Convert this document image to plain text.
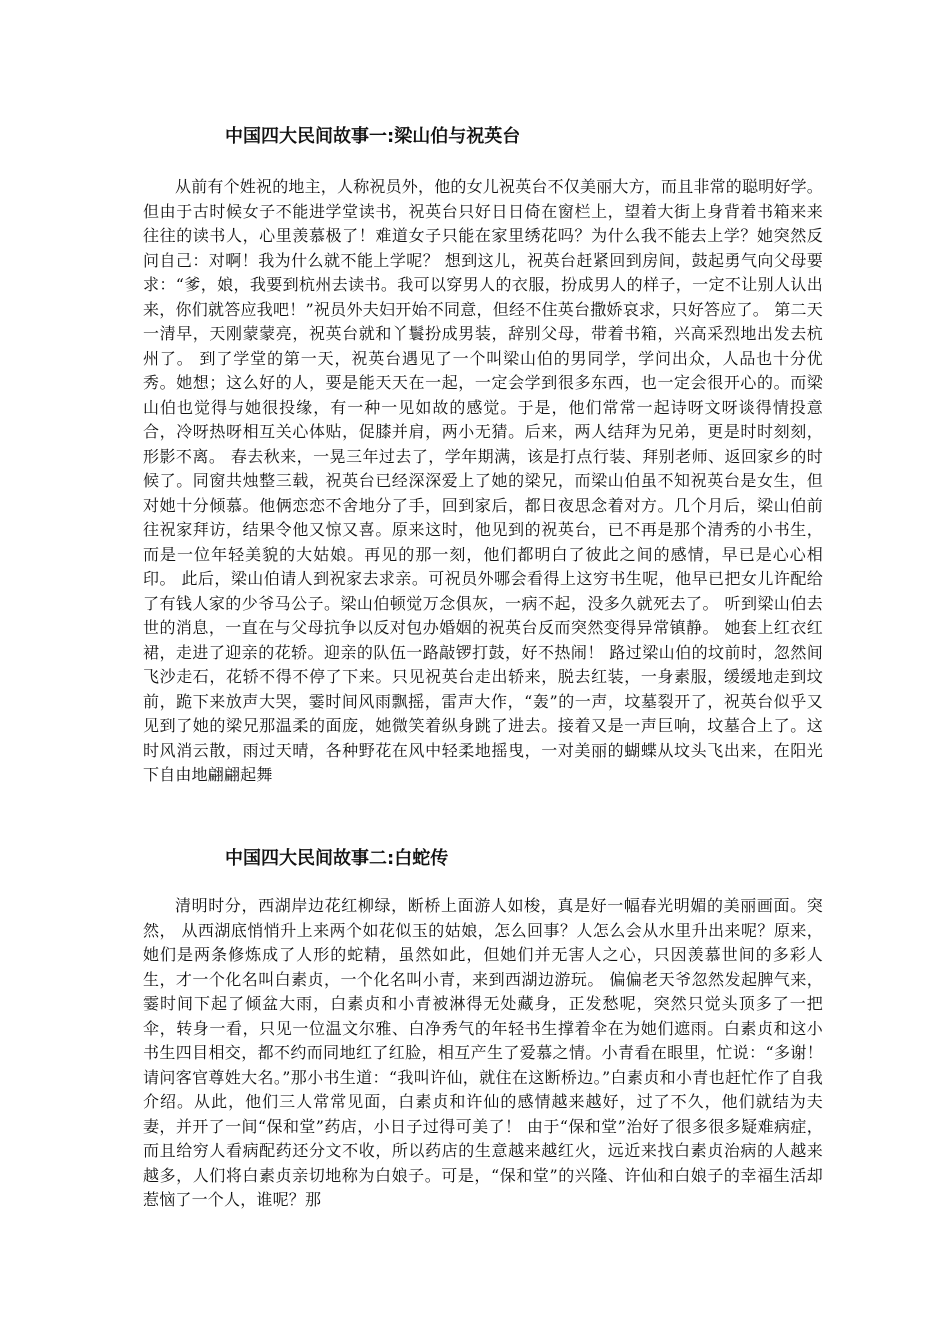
中国四大民间故事一:梁山伯与祝英台

从前有个姓祝的地主，人称祝员外，他的女儿祝英台不仅美丽大方，而且非常的聪明好学。但由于古时候女子不能进学堂读书，祝英台只好日日倚在窗栏上，望着大街上身背着书箱来来往往的读书人，心里羡慕极了！难道女子只能在家里绣花吗？为什么我不能去上学？她突然反问自己：对啊！我为什么就不能上学呢？ 想到这儿，祝英台赶紧回到房间，鼓起勇气向父母要求：“爹，娘，我要到杭州去读书。我可以穿男人的衣服，扮成男人的样子，一定不让别人认出来，你们就答应我吧！”祝员外夫妇开始不同意，但经不住英台撒娇哀求，只好答应了。 第二天一清早，天刚蒙蒙亮，祝英台就和丫鬟扮成男装，辞别父母，带着书箱，兴高采烈地出发去杭州了。 到了学堂的第一天，祝英台遇见了一个叫梁山伯的男同学，学问出众，人品也十分优秀。她想；这么好的人，要是能天天在一起，一定会学到很多东西，也一定会很开心的。而梁山伯也觉得与她很投缘，有一种一见如故的感觉。于是，他们常常一起诗呀文呀谈得情投意合，冷呀热呀相互关心体贴，促膝并肩，两小无猜。后来，两人结拜为兄弟，更是时时刻刻，形影不离。 春去秋来，一晃三年过去了，学年期满，该是打点行装、拜别老师、返回家乡的时候了。同窗共烛整三载，祝英台已经深深爱上了她的梁兄，而梁山伯虽不知祝英台是女生，但对她十分倾慕。他俩恋恋不舍地分了手，回到家后，都日夜思念着对方。几个月后，梁山伯前往祝家拜访，结果令他又惊又喜。原来这时，他见到的祝英台，已不再是那个清秀的小书生，而是一位年轻美貌的大姑娘。再见的那一刻，他们都明白了彼此之间的感情，早已是心心相印。 此后，梁山伯请人到祝家去求亲。可祝员外哪会看得上这穷书生呢，他早已把女儿许配给了有钱人家的少爷马公子。梁山伯顿觉万念俱灰，一病不起，没多久就死去了。 听到梁山伯去世的消息，一直在与父母抗争以反对包办婚姻的祝英台反而突然变得异常镇静。 她套上红衣红裙，走进了迎亲的花轿。迎亲的队伍一路敲锣打鼓，好不热闹！ 路过梁山伯的坟前时，忽然间飞沙走石，花轿不得不停了下来。只见祝英台走出轿来，脱去红装，一身素服，缓缓地走到坟前，跪下来放声大哭，霎时间风雨飘摇，雷声大作，“轰”的一声，坟墓裂开了，祝英台似乎又见到了她的梁兄那温柔的面庞，她微笑着纵身跳了进去。接着又是一声巨响，坟墓合上了。这时风消云散，雨过天晴，各种野花在风中轻柔地摇曳，一对美丽的蝴蝶从坟头飞出来，在阳光下自由地翩翩起舞

中国四大民间故事二:白蛇传

清明时分，西湖岸边花红柳绿，断桥上面游人如梭，真是好一幅春光明媚的美丽画面。突然， 从西湖底悄悄升上来两个如花似玉的姑娘，怎么回事？人怎么会从水里升出来呢？原来，她们是两条修炼成了人形的蛇精，虽然如此，但她们并无害人之心，只因羡慕世间的多彩人生，才一个化名叫白素贞，一个化名叫小青，来到西湖边游玩。 偏偏老天爷忽然发起脾气来，霎时间下起了倾盆大雨，白素贞和小青被淋得无处藏身，正发愁呢，突然只觉头顶多了一把伞，转身一看，只见一位温文尔雅、白净秀气的年轻书生撑着伞在为她们遮雨。白素贞和这小书生四目相交，都不约而同地红了红脸，相互产生了爱慕之情。小青看在眼里，忙说：“多谢！请问客官尊姓大名。”那小书生道：“我叫许仙，就住在这断桥边。”白素贞和小青也赶忙作了自我介绍。从此，他们三人常常见面，白素贞和许仙的感情越来越好，过了不久，他们就结为夫妻，并开了一间“保和堂”药店，小日子过得可美了！ 由于“保和堂”治好了很多很多疑难病症，而且给穷人看病配药还分文不收，所以药店的生意越来越红火，远近来找白素贞治病的人越来越多，人们将白素贞亲切地称为白娘子。可是，“保和堂”的兴隆、许仙和白娘子的幸福生活却惹恼了一个人，谁呢？那
